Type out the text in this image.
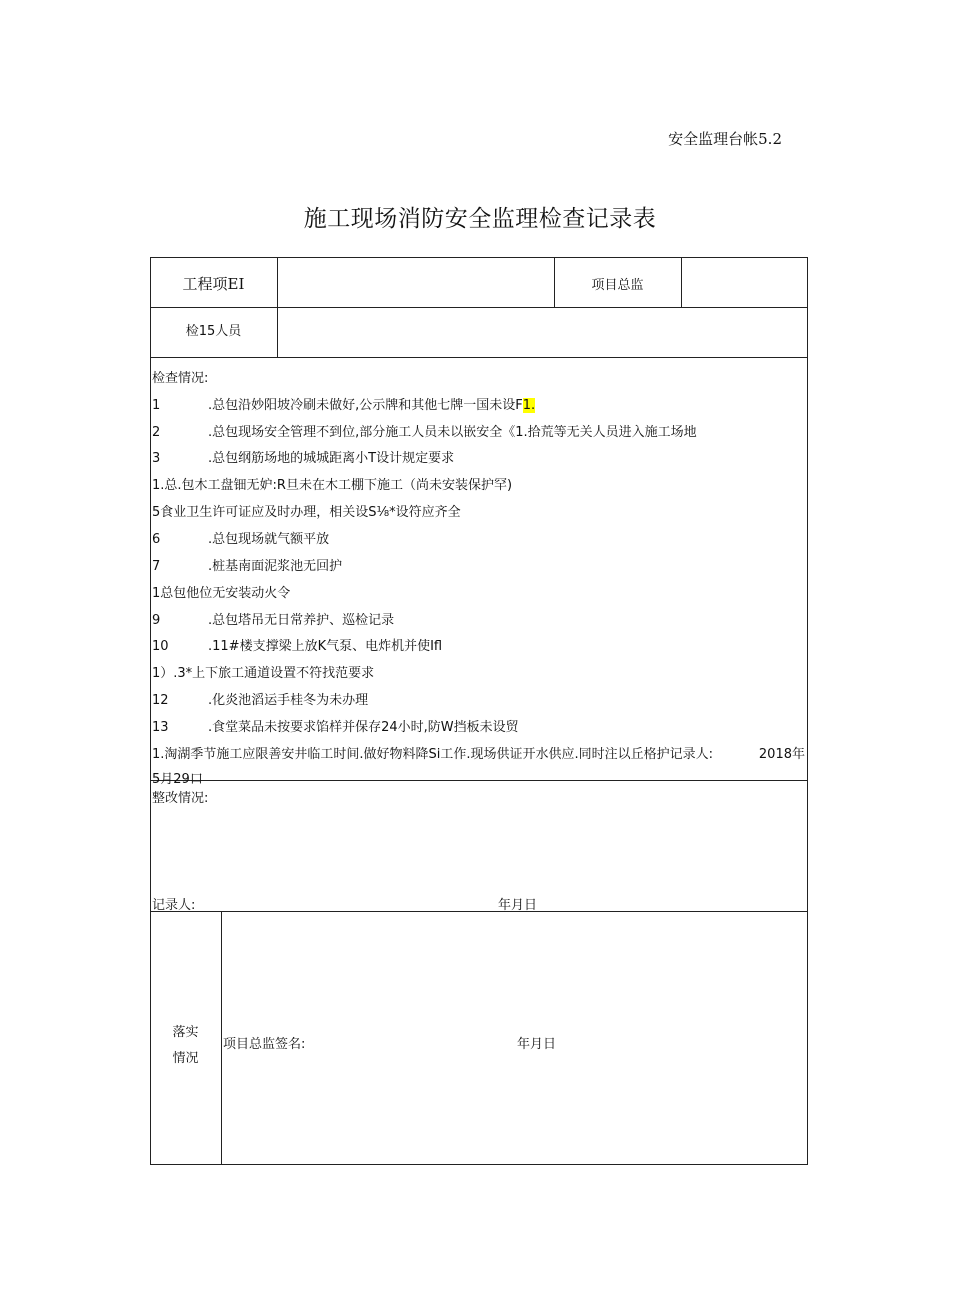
安全监理台帐5.2
施工现场消防安全监理检查记录表
工程项EI	项目总监
检15人员
检查情况:
1	.总包沿妙阳坡冷刷未做好,公示牌和其他七牌一国未设F1.
2	.总包现场安全管理不到位,部分施工人员未以嵌安全《1.拾荒等无关人员进入施工场地
3	.总包纲筋场地的城城距离小T设计规定要求
1.总.包木工盘钿无妒:R旦未在木工棚下施工（尚未安装保护罕)
5食业卫生许可证应及时办理，相关设S⅛*设符应齐全
6	.总包现场就气额平放
7	.桩基南面泥浆池无回护
1总包他位无安装动火令
9	.总包塔吊无日常养护、巡检记录
10	.11#楼支撑梁上放K气泵、电炸机并使Ifl
1）.3*上下旅工通道设置不符找范要求
12	.化炎池滔运手桂冬为未办理
13	.食堂菜品未按要求馅样并保存24小时,防W挡板未设贸
1.淘湖季节施工应限善安井临工时间.做好物料降Si工作.现场供证开水供应.同时注以丘格护记录人:	2018年
5月29口
整改情况:
记录人:	年月日
落实
情况
项目总监签名:	年月日
